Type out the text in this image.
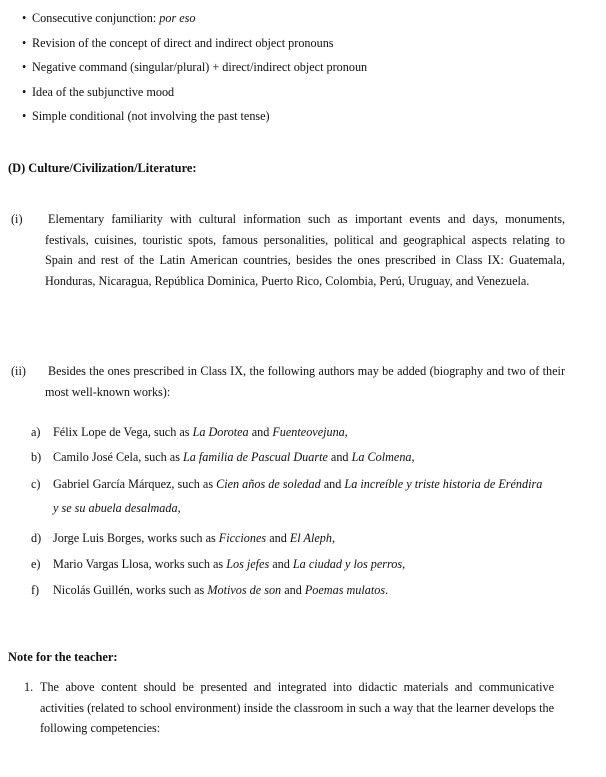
• Consecutive conjunction: por eso
• Revision of the concept of direct and indirect object pronouns
• Negative command (singular/plural) + direct/indirect object pronoun
• Idea of the subjunctive mood
• Simple conditional (not involving the past tense)
(D) Culture/Civilization/Literature:
(i) Elementary familiarity with cultural information such as important events and days, monuments, festivals, cuisines, touristic spots, famous personalities, political and geographical aspects relating to Spain and rest of the Latin American countries, besides the ones prescribed in Class IX: Guatemala, Honduras, Nicaragua, República Dominica, Puerto Rico, Colombia, Perú, Uruguay, and Venezuela.
(ii) Besides the ones prescribed in Class IX, the following authors may be added (biography and two of their most well-known works):
a) Félix Lope de Vega, such as La Dorotea and Fuenteovejuna,
b) Camilo José Cela, such as La familia de Pascual Duarte and La Colmena,
c) Gabriel García Márquez, such as Cien años de soledad and La increíble y triste historia de Eréndira y se su abuela desalmada,
d) Jorge Luis Borges, works such as Ficciones and El Aleph,
e) Mario Vargas Llosa, works such as Los jefes and La ciudad y los perros,
f) Nicolás Guillén, works such as Motivos de son and Poemas mulatos.
Note for the teacher:
1. The above content should be presented and integrated into didactic materials and communicative activities (related to school environment) inside the classroom in such a way that the learner develops the following competencies:
